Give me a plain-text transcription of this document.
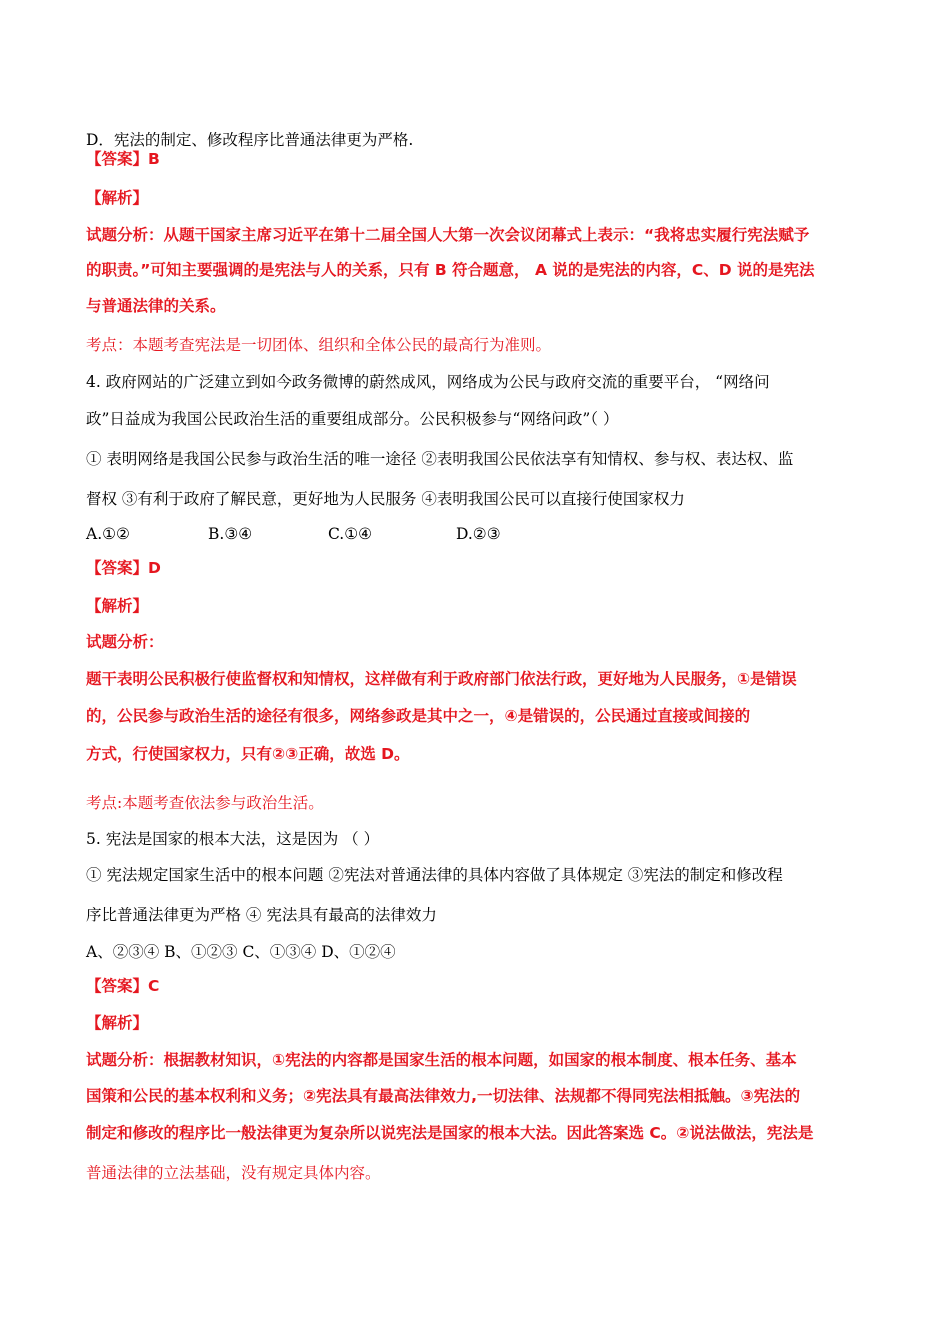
D．宪法的制定、修改程序比普通法律更为严格.
【答案】B
【解析】
试题分析：从题干国家主席习近平在第十二届全国人大第一次会议闭幕式上表示：“我将忠实履行宪法赋予
的职责。”可知主要强调的是宪法与人的关系，只有 B 符合题意， A 说的是宪法的内容，C、D 说的是宪法
与普通法律的关系。
考点：本题考查宪法是一切团体、组织和全体公民的最高行为准则。
4. 政府网站的广泛建立到如今政务微博的蔚然成风，网络成为公民与政府交流的重要平台， “网络问
政”日益成为我国公民政治生活的重要组成部分。公民积极参与“网络问政”（ ）
① 表明网络是我国公民参与政治生活的唯一途径 ②表明我国公民依法享有知情权、参与权、表达权、监
督权 ③有利于政府了解民意，更好地为人民服务 ④表明我国公民可以直接行使国家权力
A.①②	B.③④	C.①④	D.②③
【答案】D
【解析】
试题分析：
题干表明公民积极行使监督权和知情权，这样做有利于政府部门依法行政，更好地为人民服务，①是错误
的，公民参与政治生活的途径有很多，网络参政是其中之一，④是错误的，公民通过直接或间接的
方式，行使国家权力，只有②③正确，故选 D。
考点:本题考查依法参与政治生活。
5. 宪法是国家的根本大法，这是因为 （ ）
① 宪法规定国家生活中的根本问题 ②宪法对普通法律的具体内容做了具体规定 ③宪法的制定和修改程
序比普通法律更为严格 ④ 宪法具有最高的法律效力
A、②③④ B、①②③ C、①③④ D、①②④
【答案】C
【解析】
试题分析：根据教材知识，①宪法的内容都是国家生活的根本问题，如国家的根本制度、根本任务、基本
国策和公民的基本权利和义务；②宪法具有最高法律效力,一切法律、法规都不得同宪法相抵触。③宪法的
制定和修改的程序比一般法律更为复杂所以说宪法是国家的根本大法。因此答案选 C。②说法做法，宪法是
普通法律的立法基础，没有规定具体内容。
